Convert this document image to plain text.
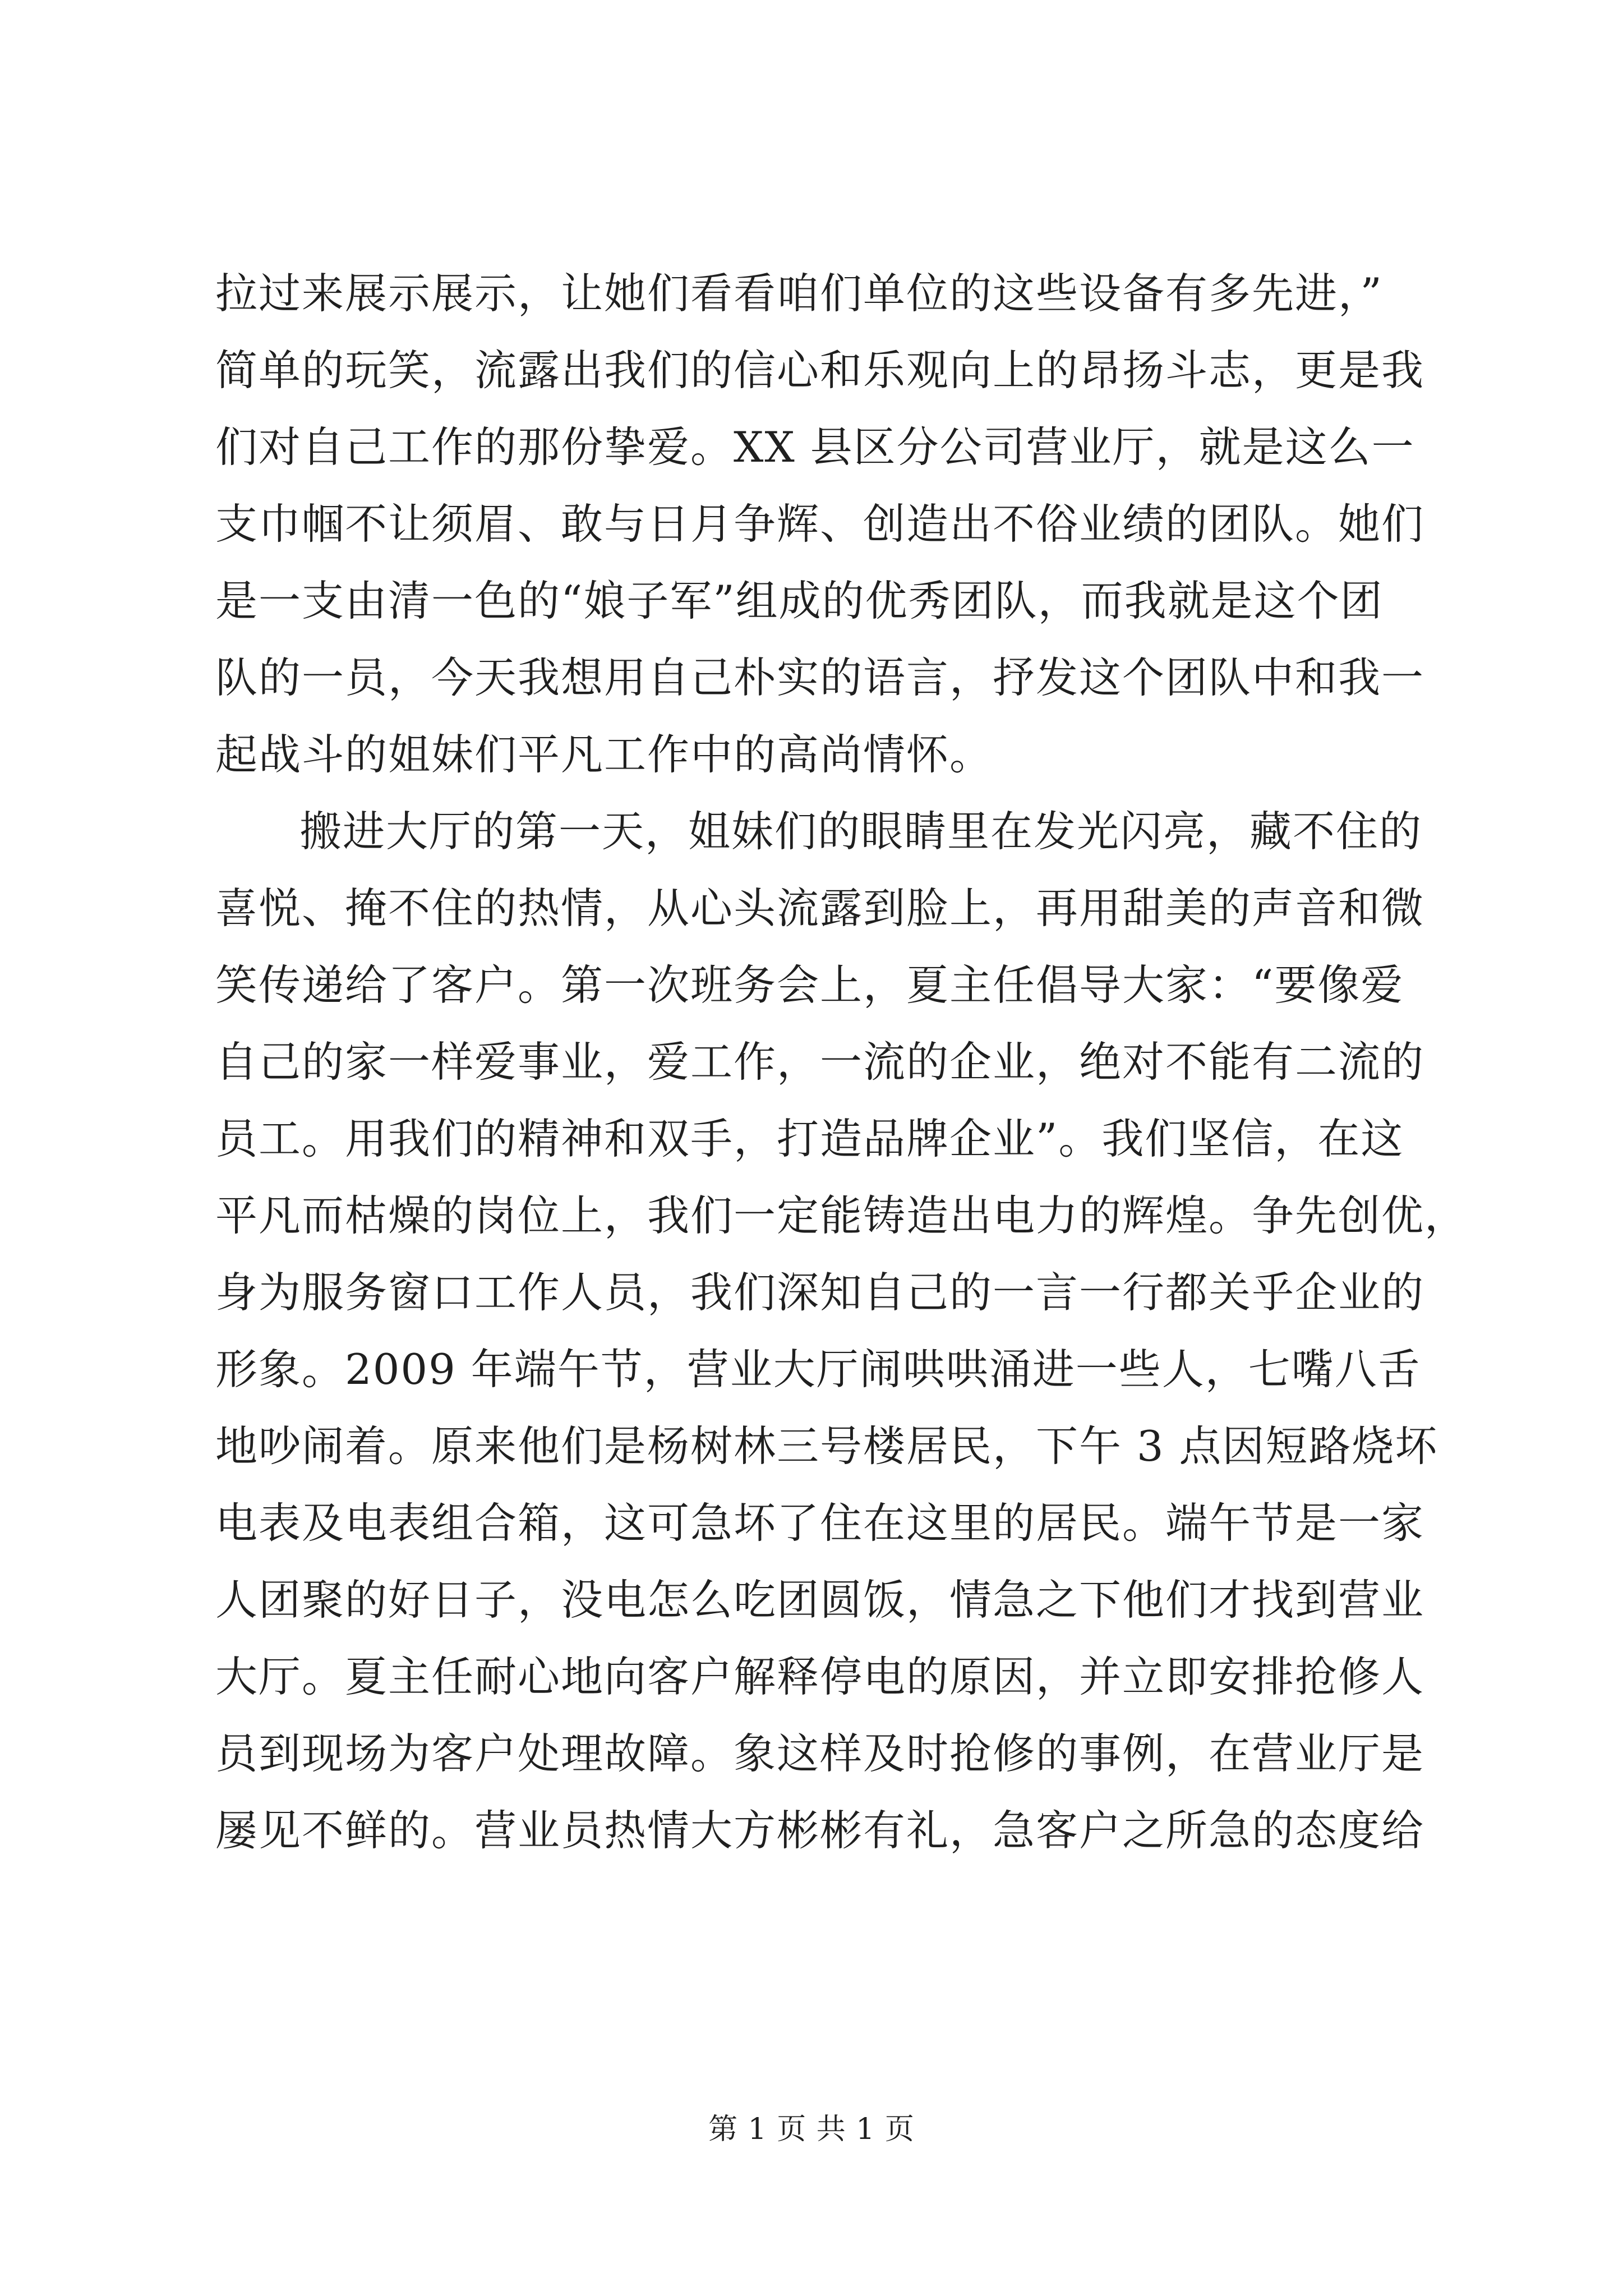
拉过来展示展示，让她们看看咱们单位的这些设备有多先进，”
简单的玩笑，流露出我们的信心和乐观向上的昂扬斗志，更是我
们对自己工作的那份挚爱。XX 县区分公司营业厅，就是这么一
支巾帼不让须眉、敢与日月争辉、创造出不俗业绩的团队。她们
是一支由清一色的“娘子军”组成的优秀团队，而我就是这个团
队的一员，今天我想用自己朴实的语言，抒发这个团队中和我一
起战斗的姐妹们平凡工作中的高尚情怀。
搬进大厅的第一天，姐妹们的眼睛里在发光闪亮，藏不住的
喜悦、掩不住的热情，从心头流露到脸上，再用甜美的声音和微
笑传递给了客户。第一次班务会上，夏主任倡导大家：“要像爱
自己的家一样爱事业，爱工作，一流的企业，绝对不能有二流的
员工。用我们的精神和双手，打造品牌企业”。我们坚信，在这
平凡而枯燥的岗位上，我们一定能铸造出电力的辉煌。争先创优，
身为服务窗口工作人员，我们深知自己的一言一行都关乎企业的
形象。2009 年端午节，营业大厅闹哄哄涌进一些人，七嘴八舌
地吵闹着。原来他们是杨树林三号楼居民，下午 3 点因短路烧坏
电表及电表组合箱，这可急坏了住在这里的居民。端午节是一家
人团聚的好日子，没电怎么吃团圆饭，情急之下他们才找到营业
大厅。夏主任耐心地向客户解释停电的原因，并立即安排抢修人
员到现场为客户处理故障。象这样及时抢修的事例，在营业厅是
屡见不鲜的。营业员热情大方彬彬有礼，急客户之所急的态度给
第 1 页 共 1 页
